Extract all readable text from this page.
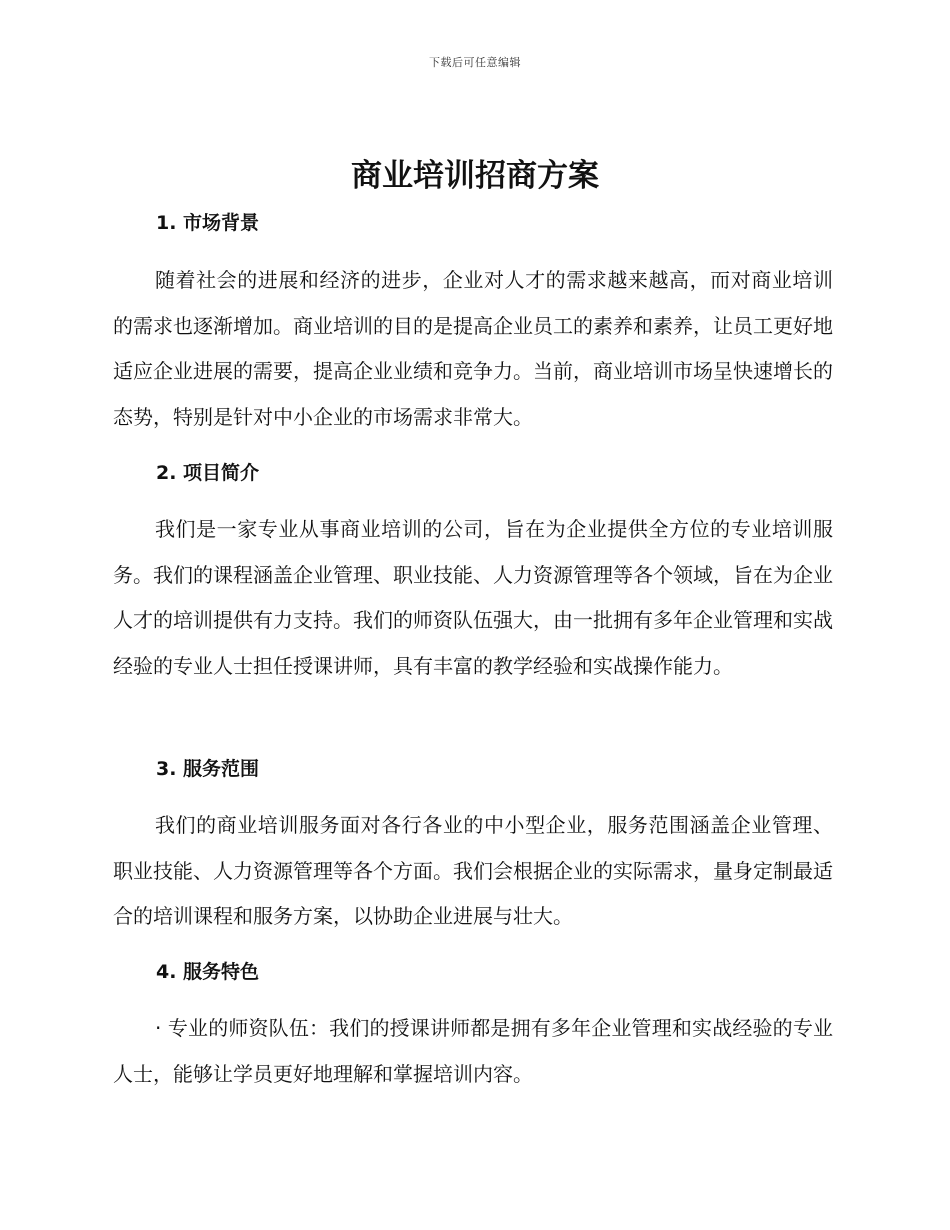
下载后可任意编辑
商业培训招商方案
1. 市场背景
随着社会的进展和经济的进步，企业对人才的需求越来越高，而对商业培训的需求也逐渐增加。商业培训的目的是提高企业员工的素养和素养，让员工更好地适应企业进展的需要，提高企业业绩和竞争力。当前，商业培训市场呈快速增长的态势，特别是针对中小企业的市场需求非常大。
2. 项目简介
我们是一家专业从事商业培训的公司，旨在为企业提供全方位的专业培训服务。我们的课程涵盖企业管理、职业技能、人力资源管理等各个领域，旨在为企业人才的培训提供有力支持。我们的师资队伍强大，由一批拥有多年企业管理和实战经验的专业人士担任授课讲师，具有丰富的教学经验和实战操作能力。
3. 服务范围
我们的商业培训服务面对各行各业的中小型企业，服务范围涵盖企业管理、职业技能、人力资源管理等各个方面。我们会根据企业的实际需求，量身定制最适合的培训课程和服务方案，以协助企业进展与壮大。
4. 服务特色
· 专业的师资队伍：我们的授课讲师都是拥有多年企业管理和实战经验的专业人士，能够让学员更好地理解和掌握培训内容。
